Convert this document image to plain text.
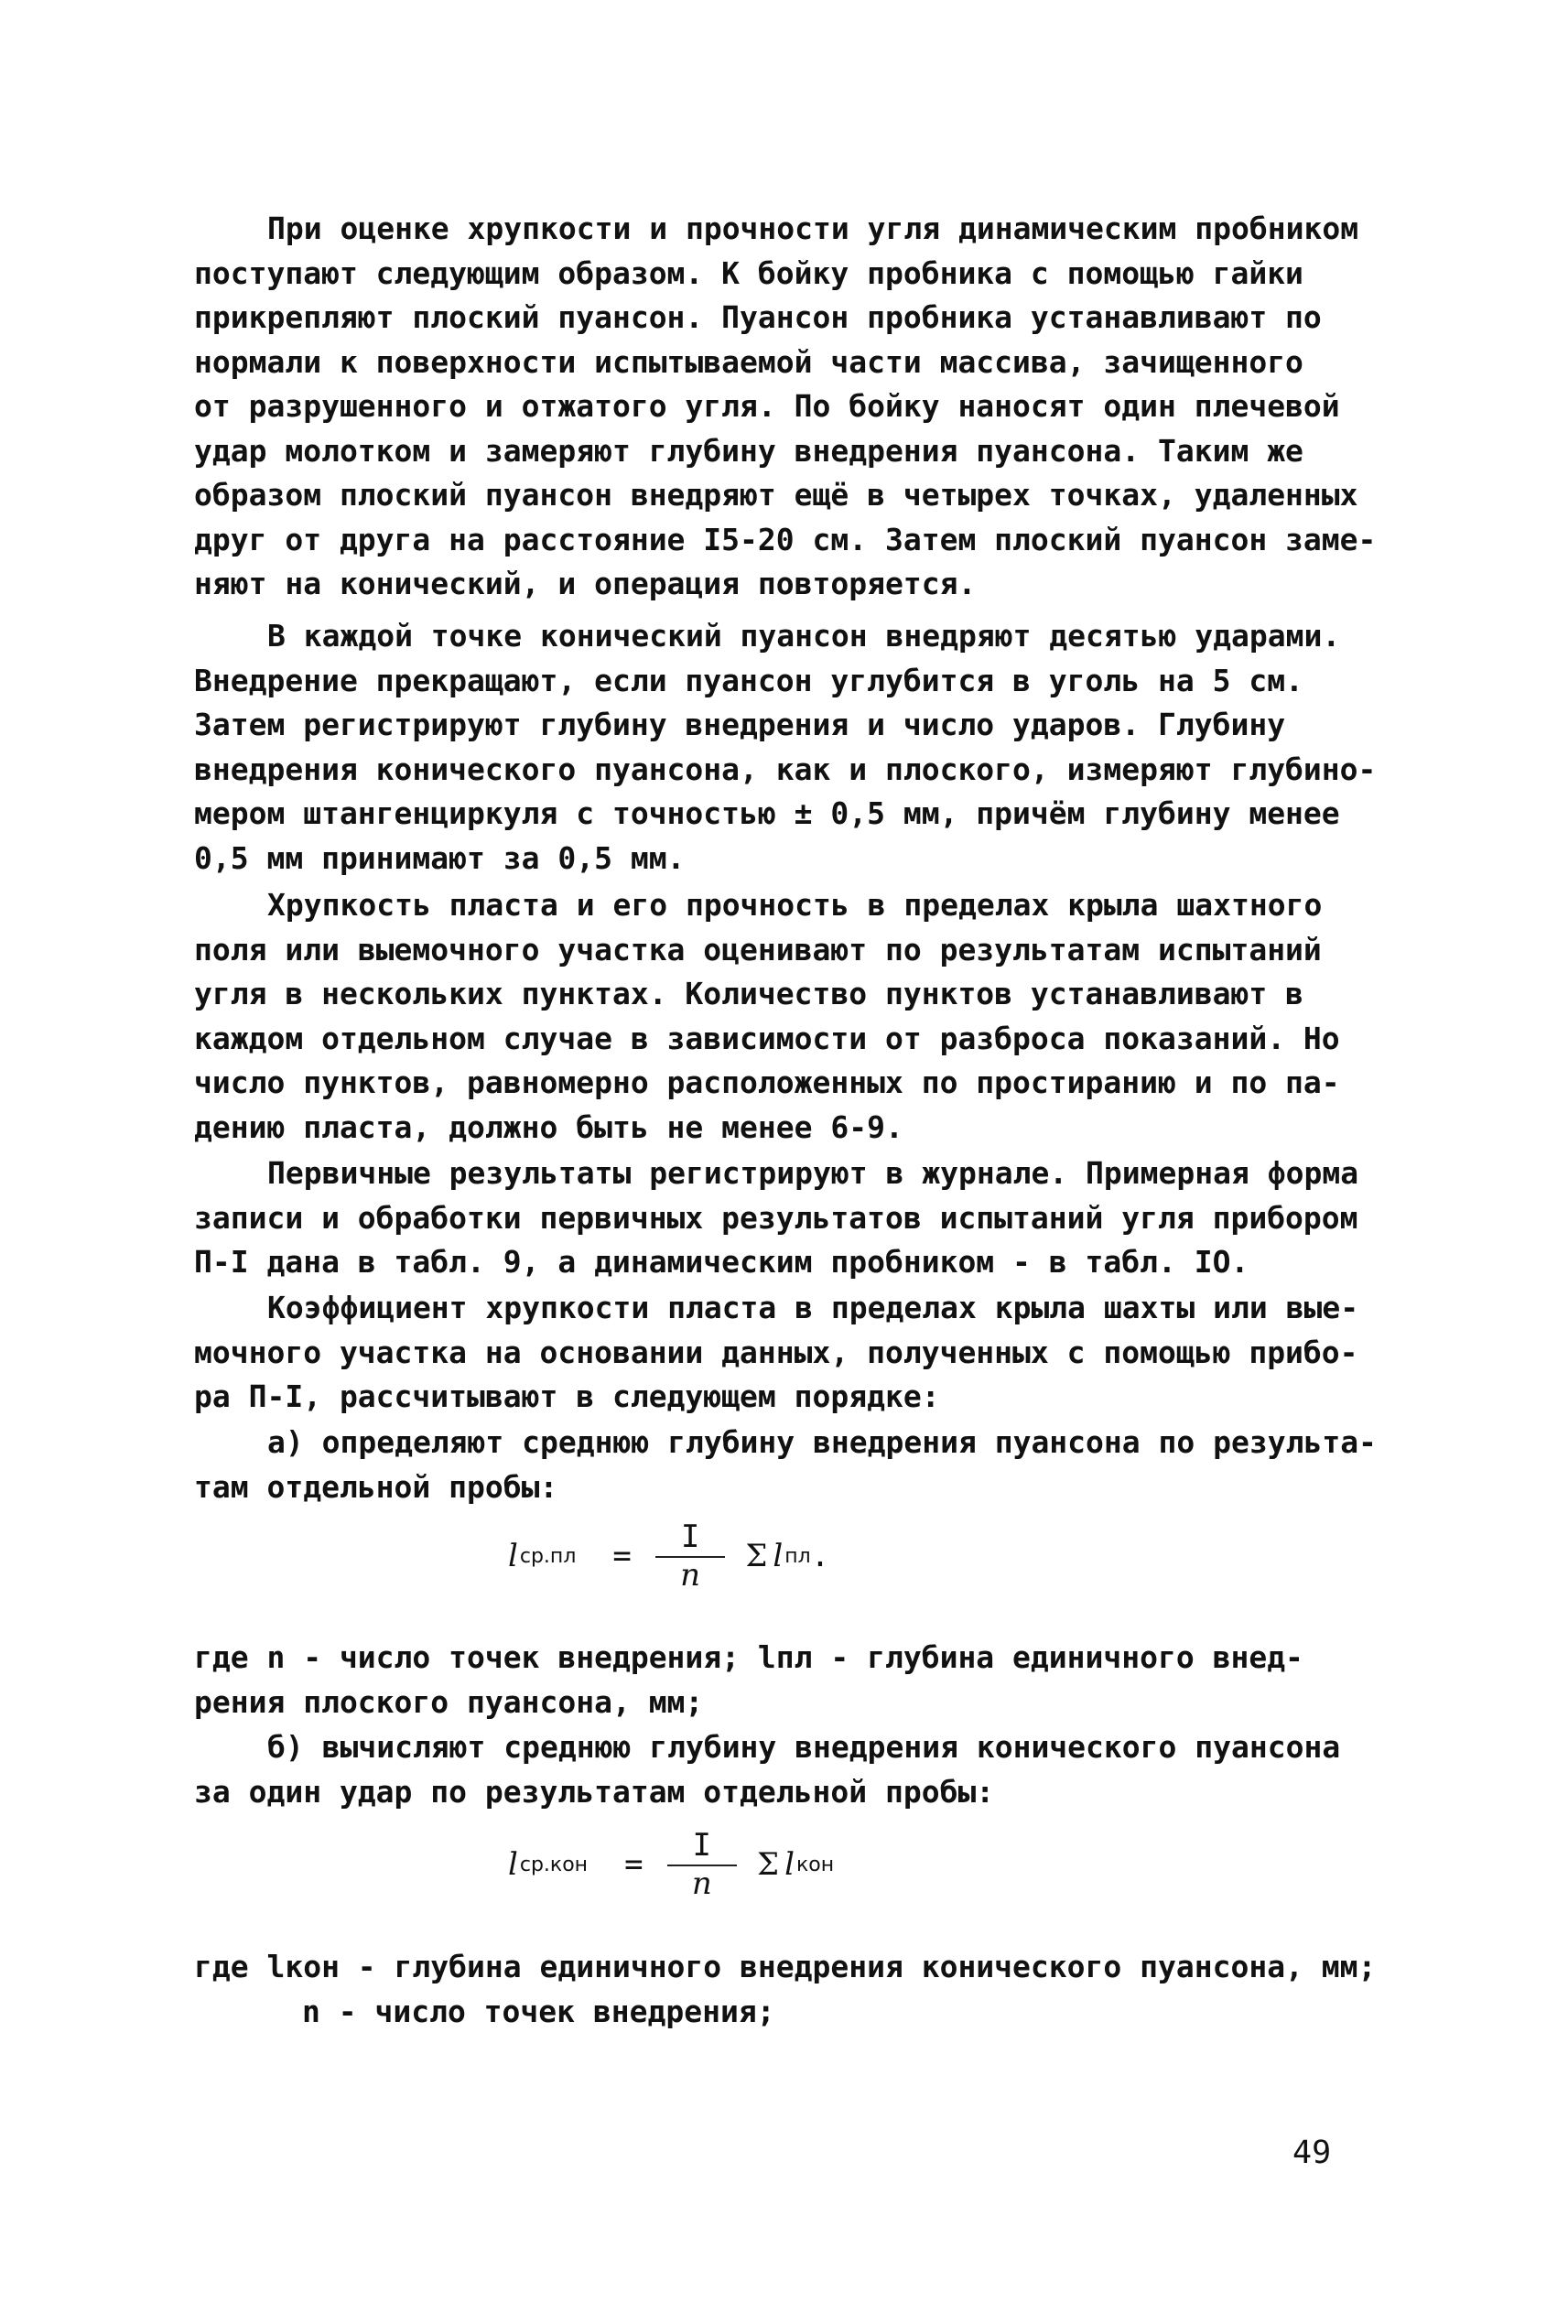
При оценке хрупкости и прочности угля динамическим пробником
поступают следующим образом. К бойку пробника с помощью гайки
прикрепляют плоский пуансон. Пуансон пробника устанавливают по
нормали к поверхности испытываемой части массива, зачищенного
от разрушенного и отжатого угля. По бойку наносят один плечевой
удар молотком и замеряют глубину внедрения пуансона. Таким же
образом плоский пуансон внедряют ещё в четырех точках, удаленных
друг от друга на расстояние I5-20 см. Затем плоский пуансон заме-
няют на конический, и операция повторяется.
В каждой точке конический пуансон внедряют десятью ударами.
Внедрение прекращают, если пуансон углубится в уголь на 5 см.
Затем регистрируют глубину внедрения и число ударов. Глубину
внедрения конического пуансона, как и плоского, измеряют глубино-
мером штангенциркуля с точностью ± 0,5 мм, причём глубину менее
0,5 мм принимают за 0,5 мм.
Хрупкость пласта и его прочность в пределах крыла шахтного
поля или выемочного участка оценивают по результатам испытаний
угля в нескольких пунктах. Количество пунктов устанавливают в
каждом отдельном случае в зависимости от разброса показаний. Но
число пунктов, равномерно расположенных по простиранию и по па-
дению пласта, должно быть не менее 6-9.
Первичные результаты регистрируют в журнале. Примерная форма
записи и обработки первичных результатов испытаний угля прибором
П-I дана в табл. 9, а динамическим пробником - в табл. IO.
Коэффициент хрупкости пласта в пределах крыла шахты или вые-
мочного участка на основании данных, полученных с помощью прибо-
ра П-I, рассчитывают в следующем порядке:
а) определяют среднюю глубину внедрения пуансона по результа-
там отдельной пробы:
l $ср.пл = \frac{I}{n}$ Σ l пл .
где n - число точек внедрения; lпл - глубина единичного внед-
рения плоского пуансона, мм;
б) вычисляют среднюю глубину внедрения конического пуансона
за один удар по результатам отдельной пробы:
l $ср.кон = \frac{I}{n}$ Σ l кон
где lкон - глубина единичного внедрения конического пуансона, мм;
n - число точек внедрения;
49
